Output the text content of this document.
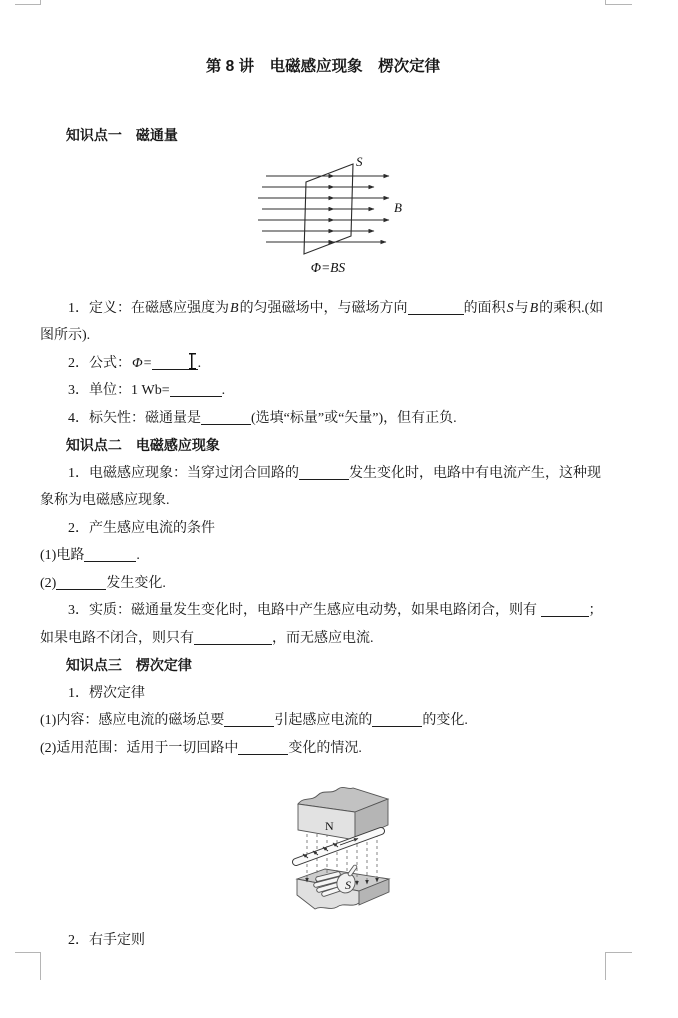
第 8 讲　电磁感应现象　楞次定律

知识点一　磁通量

S
B
Φ=BS

1．定义：在磁感应强度为B的匀强磁场中，与磁场方向	的面积S与B的乘积.(如图所示).

2．公式：Φ=	.

3．单位：1 Wb=	.

4．标矢性：磁通量是	(选填“标量”或“矢量”)，但有正负.

知识点二　电磁感应现象

1．电磁感应现象：当穿过闭合回路的	发生变化时，电路中有电流产生，这种现象称为电磁感应现象.

2．产生感应电流的条件

(1)电路	.

(2)	发生变化.

3．实质：磁通量发生变化时，电路中产生感应电动势，如果电路闭合，则有	；如果电路不闭合，则只有	，而无感应电流.

知识点三　楞次定律

1．楞次定律

(1)内容：感应电流的磁场总要	引起感应电流的	的变化.

(2)适用范围：适用于一切回路中	变化的情况.

N
S

2．右手定则
